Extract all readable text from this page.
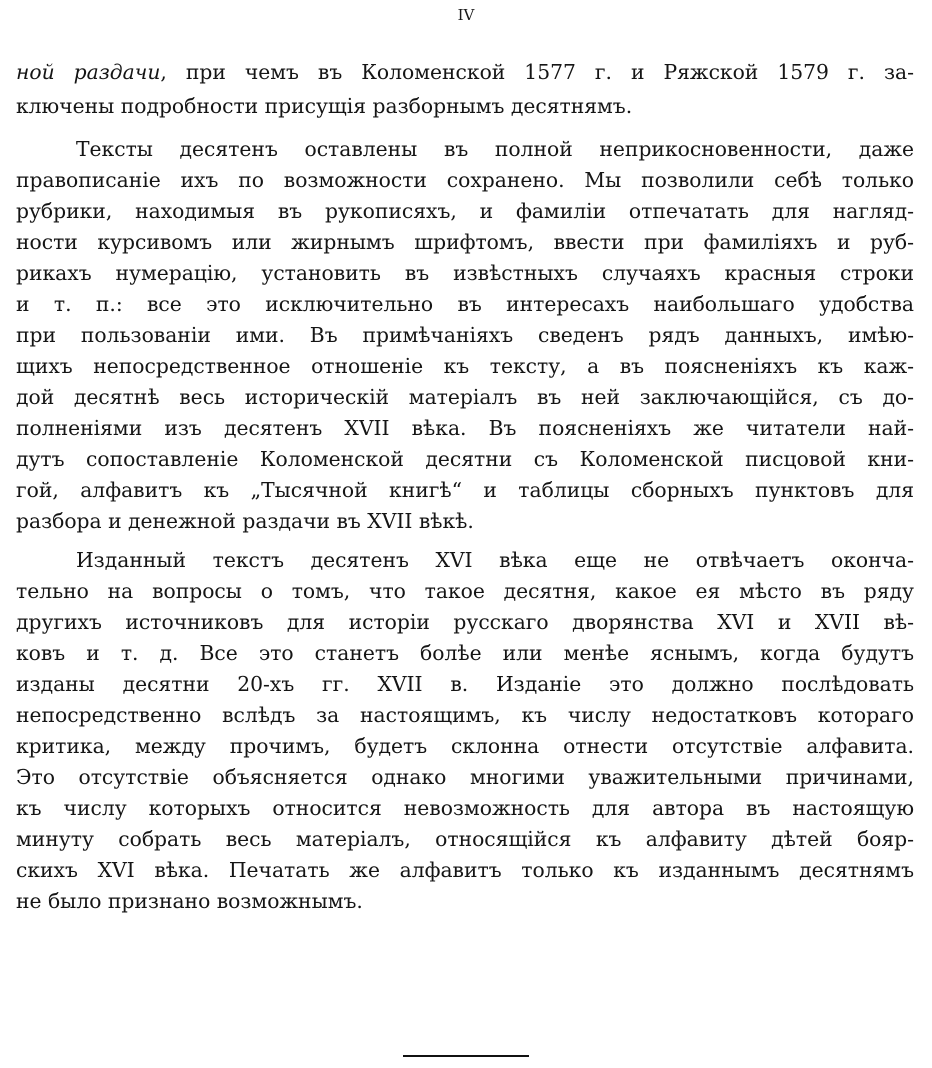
IV
ной раздачи, при чемъ въ Коломенской 1577 г. и Ряжской 1579 г. за-
ключены подробности присущія разборнымъ десятнямъ.
Тексты десятенъ оставлены въ полной неприкосновенности, даже
правописаніе ихъ по возможности сохранено. Мы позволили себѣ только
рубрики, находимыя въ рукописяхъ, и фамиліи отпечатать для нагляд-
ности курсивомъ или жирнымъ шрифтомъ, ввести при фамиліяхъ и руб-
рикахъ нумерацію, установить въ извѣстныхъ случаяхъ красныя строки
и т. п.: все это исключительно въ интересахъ наибольшаго удобства
при пользованіи ими. Въ примѣчаніяхъ сведенъ рядъ данныхъ, имѣю-
щихъ непосредственное отношеніе къ тексту, а въ поясненіяхъ къ каж-
дой десятнѣ весь историческій матеріалъ въ ней заключающійся, съ до-
полненіями изъ десятенъ XVII вѣка. Въ поясненіяхъ же читатели най-
дутъ сопоставленіе Коломенской десятни съ Коломенской писцовой кни-
гой, алфавитъ къ „Тысячной книгѣ“ и таблицы сборныхъ пунктовъ для
разбора и денежной раздачи въ XVII вѣкѣ.
Изданный текстъ десятенъ XVI вѣка еще не отвѣчаетъ оконча-
тельно на вопросы о томъ, что такое десятня, какое ея мѣсто въ ряду
другихъ источниковъ для исторіи русскаго дворянства XVI и XVII вѣ-
ковъ и т. д. Все это станетъ болѣе или менѣе яснымъ, когда будутъ
изданы десятни 20-хъ гг. XVII в. Изданіе это должно послѣдовать
непосредственно вслѣдъ за настоящимъ, къ числу недостатковъ котораго
критика, между прочимъ, будетъ склонна отнести отсутствіе алфавита.
Это отсутствіе объясняется однако многими уважительными причинами,
къ числу которыхъ относится невозможность для автора въ настоящую
минуту собрать весь матеріалъ, относящійся къ алфавиту дѣтей бояр-
скихъ XVI вѣка. Печатать же алфавитъ только къ изданнымъ десятнямъ
не было признано возможнымъ.
